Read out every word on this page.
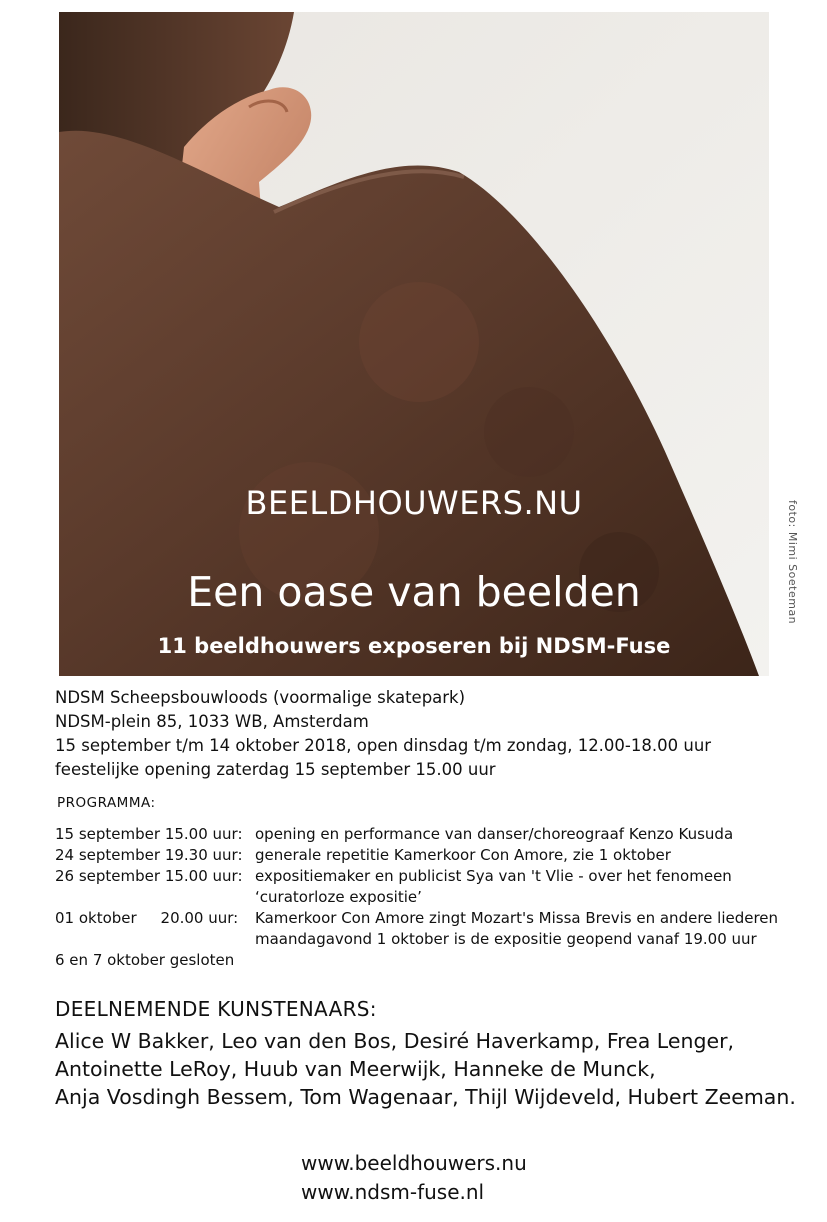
BEELDHOUWERS.NU
Een oase van beelden
11 beeldhouwers exposeren bij NDSM-Fuse
foto: Mimi Soeteman
NDSM Scheepsbouwloods (voormalige skatepark)
NDSM-plein 85, 1033 WB, Amsterdam
15 september t/m 14 oktober 2018, open dinsdag t/m zondag, 12.00-18.00 uur
feestelijke opening zaterdag 15 september 15.00 uur
PROGRAMMA:
15 september 15.00 uur: opening en performance van danser/choreograaf Kenzo Kusuda
24 september 19.30 uur: generale repetitie Kamerkoor Con Amore, zie 1 oktober
26 september 15.00 uur: expositiemaker en publicist Sya van 't Vlie - over het fenomeen
‘curatorloze expositie’
01 oktober     20.00 uur: Kamerkoor Con Amore zingt Mozart's Missa Brevis en andere liederen
maandagavond 1 oktober is de expositie geopend vanaf 19.00 uur
6 en 7 oktober gesloten
DEELNEMENDE KUNSTENAARS:
Alice W Bakker, Leo van den Bos, Desiré Haverkamp, Frea Lenger,
Antoinette LeRoy, Huub van Meerwijk, Hanneke de Munck,
Anja Vosdingh Bessem, Tom Wagenaar, Thijl Wijdeveld, Hubert Zeeman.
www.beeldhouwers.nu
www.ndsm-fuse.nl
